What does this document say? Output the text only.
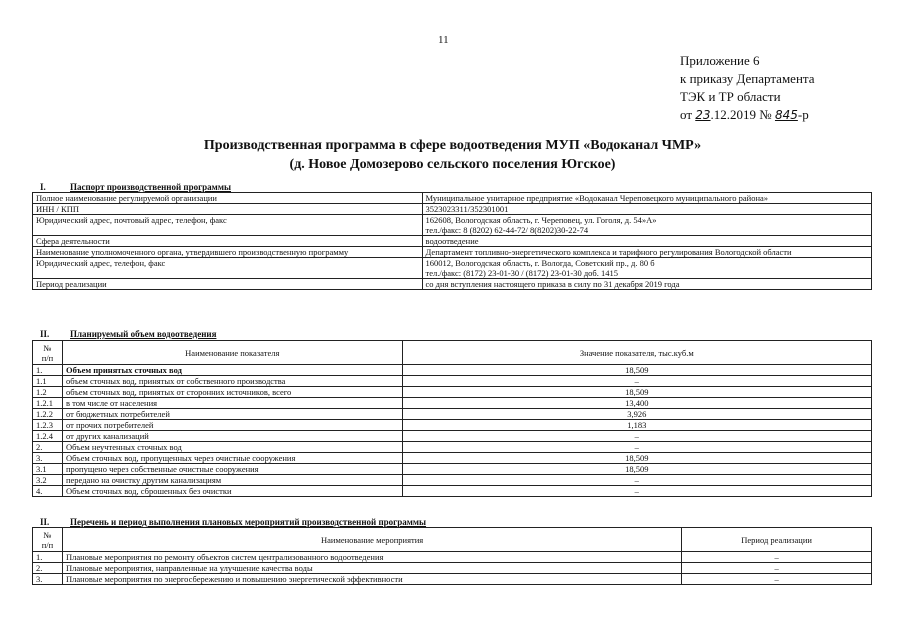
11
Приложение 6
к приказу Департамента
ТЭК и ТР области
от 23.12.2019 № 845-р
Производственная программа в сфере водоотведения МУП «Водоканал ЧМР»
(д. Новое Домозерово сельского поселения Югское)
I.	Паспорт производственной программы
Полное наименование регулируемой организации	Муниципальное унитарное предприятие «Водоканал Череповецкого муниципального района»
ИНН / КПП	3523023311/352301001
Юридический адрес, почтовый адрес, телефон, факс	162608, Вологодская область, г. Череповец, ул. Гоголя, д. 54»А»
тел./факс: 8 (8202) 62-44-72/ 8(8202)30-22-74
Сфера деятельности	водоотведение
Наименование уполномоченного органа, утвердившего производственную программу	Департамент топливно-энергетического комплекса и тарифного регулирования Вологодской области
Юридический адрес, телефон, факс	160012, Вологодская область, г. Вологда, Советский пр., д. 80 б
тел./факс: (8172) 23-01-30 / (8172) 23-01-30 доб. 1415
Период реализации	со дня вступления настоящего приказа в силу по 31 декабря 2019 года
II. Планируемый объем водоотведения
№
п/п	Наименование показателя	Значение показателя, тыс.куб.м
1.	Объем принятых сточных вод	18,509
1.1	объем сточных вод, принятых от собственного производства	–
1.2	объем сточных вод, принятых от сторонних источников, всего	18,509
1.2.1	в том числе от населения	13,400
1.2.2	от бюджетных потребителей	3,926
1.2.3	от прочих потребителей	1,183
1.2.4	от других канализаций	–
2.	Объем неучтенных сточных вод	–
3.	Объем сточных вод, пропущенных через очистные сооружения	18,509
3.1	пропущено через собственные очистные сооружения	18,509
3.2	передано на очистку другим канализациям	–
4.	Объем сточных вод, сброшенных без очистки	–
II. Перечень и период выполнения плановых мероприятий производственной программы
№
п/п	Наименование мероприятия	Период реализации
1.	Плановые мероприятия по ремонту объектов систем централизованного водоотведения	–
2.	Плановые мероприятия, направленные на улучшение качества воды	–
3.	Плановые мероприятия по энергосбережению и повышению энергетической эффективности	–
